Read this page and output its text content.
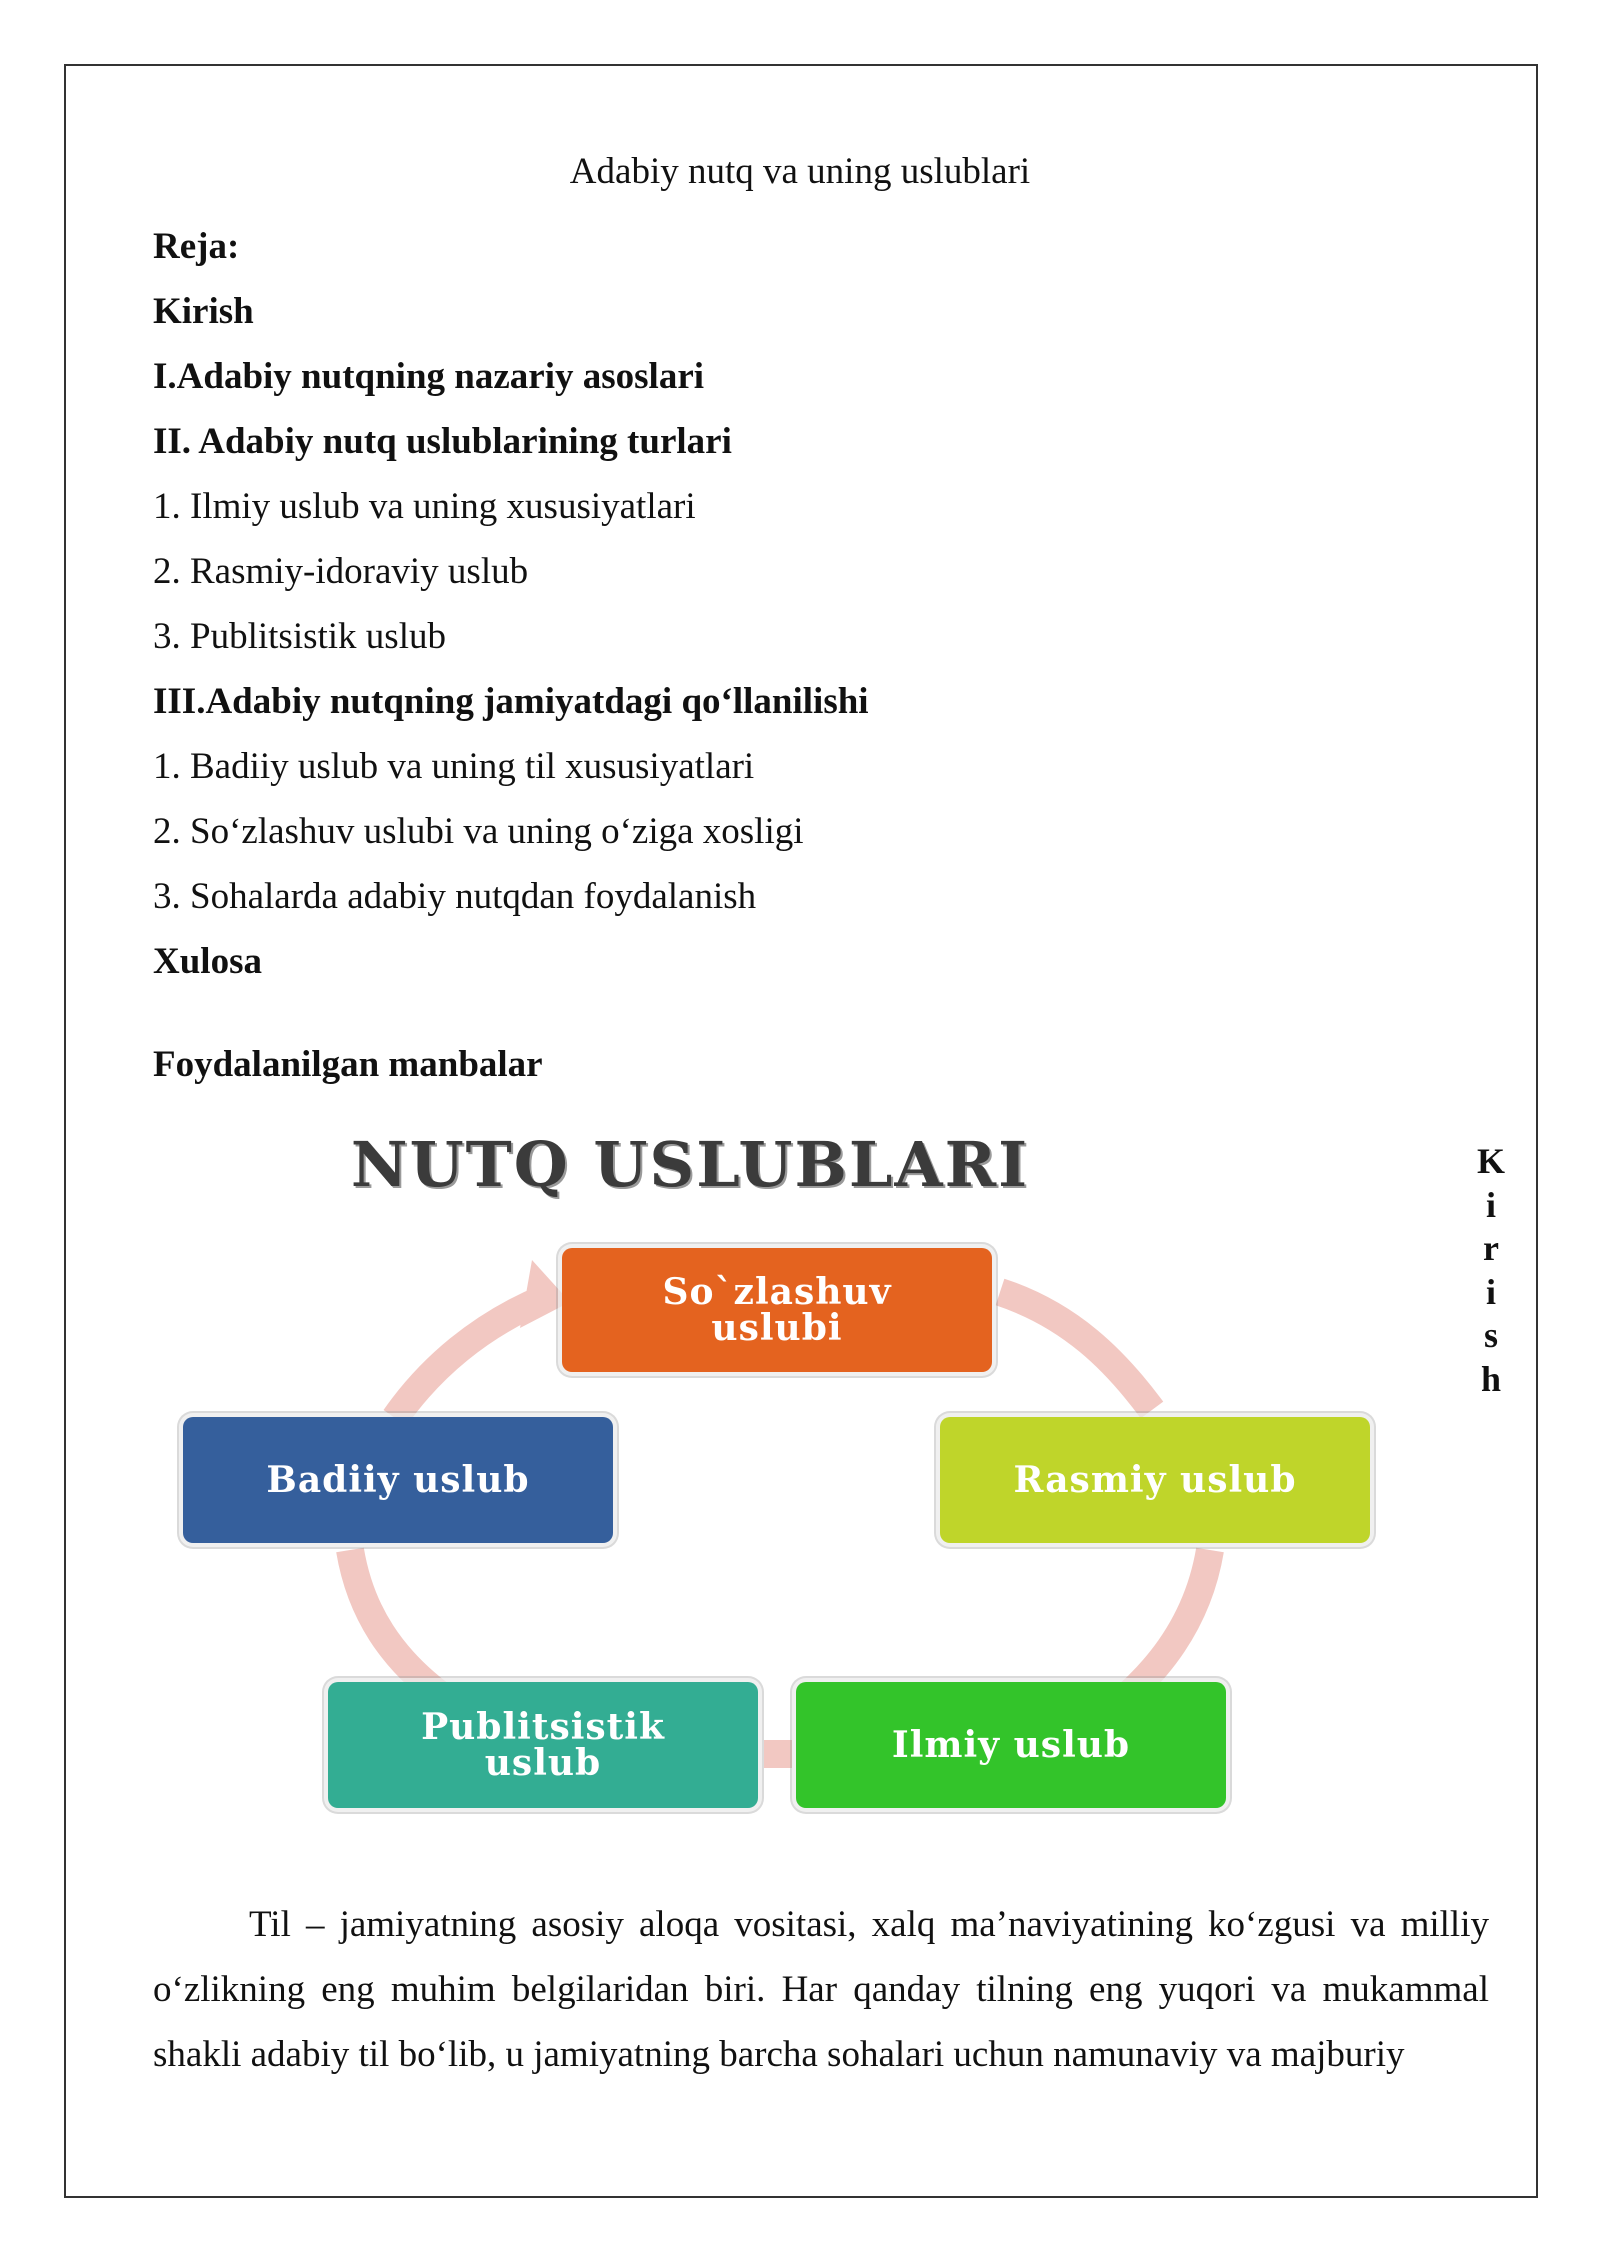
Adabiy nutq va uning uslublari
Reja:
Kirish
I.Adabiy nutqning nazariy asoslari
II. Adabiy nutq uslublarining turlari
1. Ilmiy uslub va uning xususiyatlari
2. Rasmiy-idoraviy uslub
3. Publitsistik uslub
III.Adabiy nutqning jamiyatdagi qo‘llanilishi
1. Badiiy uslub va uning til xususiyatlari
2. So‘zlashuv uslubi va uning o‘ziga xosligi
3. Sohalarda adabiy nutqdan foydalanish
Xulosa
Foydalanilgan manbalar
K
i
r
i
s
h
NUTQ USLUBLARI
So`zlashuv
uslubi
Badiiy uslub	Rasmiy uslub
Publitsistik
uslub	Ilmiy uslub
Til – jamiyatning asosiy aloqa vositasi, xalq ma’naviyatining ko‘zgusi va milliy o‘zlikning eng muhim belgilaridan biri. Har qanday tilning eng yuqori va mukammal shakli adabiy til bo‘lib, u jamiyatning barcha sohalari uchun namunaviy va majburiy
